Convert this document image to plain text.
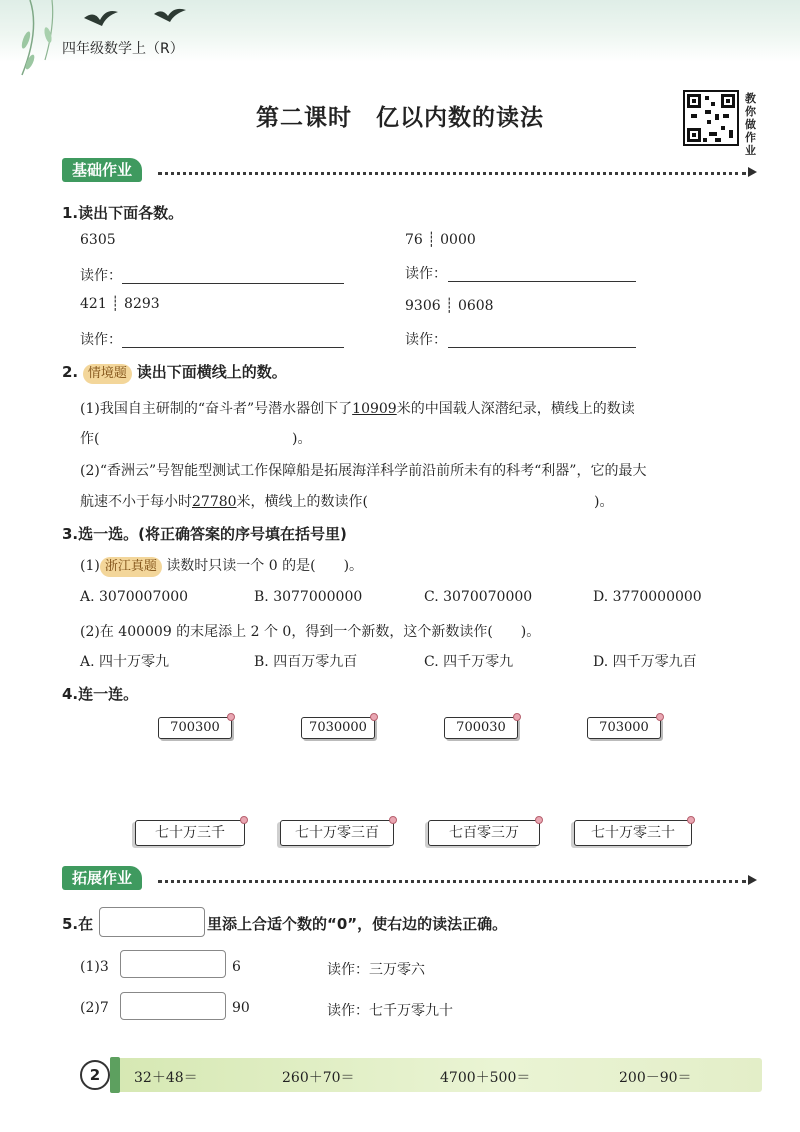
四年级数学上（R）
第二课时　亿以内数的读法
教你做作业
基础作业
1.读出下面各数。
6305	76 ┊ 0000
读作：	读作：
421 ┊ 8293	9306 ┊ 0608
读作：	读作：
2. 情境题 读出下面横线上的数。
(1)我国自主研制的“奋斗者”号潜水器创下了10909米的中国载人深潜纪录，横线上的数读
作(	)。
(2)“香洲云”号智能型测试工作保障船是拓展海洋科学前沿前所未有的科考“利器”，它的最大
航速不小于每小时27780米，横线上的数读作(	)。
3.选一选。(将正确答案的序号填在括号里)
(1) 浙江真题 读数时只读一个 0 的是(　　)。
A. 3070007000	B. 3077000000	C. 3070070000	D. 3770000000
(2)在 400009 的末尾添上 2 个 0，得到一个新数，这个新数读作(　　)。
A. 四十万零九	B. 四百万零九百	C. 四千万零九	D. 四千万零九百
4.连一连。
700300	7030000	700030	703000
七十万三千	七十万零三百	七百零三万	七十万零三十
拓展作业
5.在	里添上合适个数的“0”，使右边的读法正确。
(1)3	6	读作：三万零六
(2)7	90	读作：七千万零九十
2	32＋48＝	260＋70＝	4700＋500＝	200－90＝
